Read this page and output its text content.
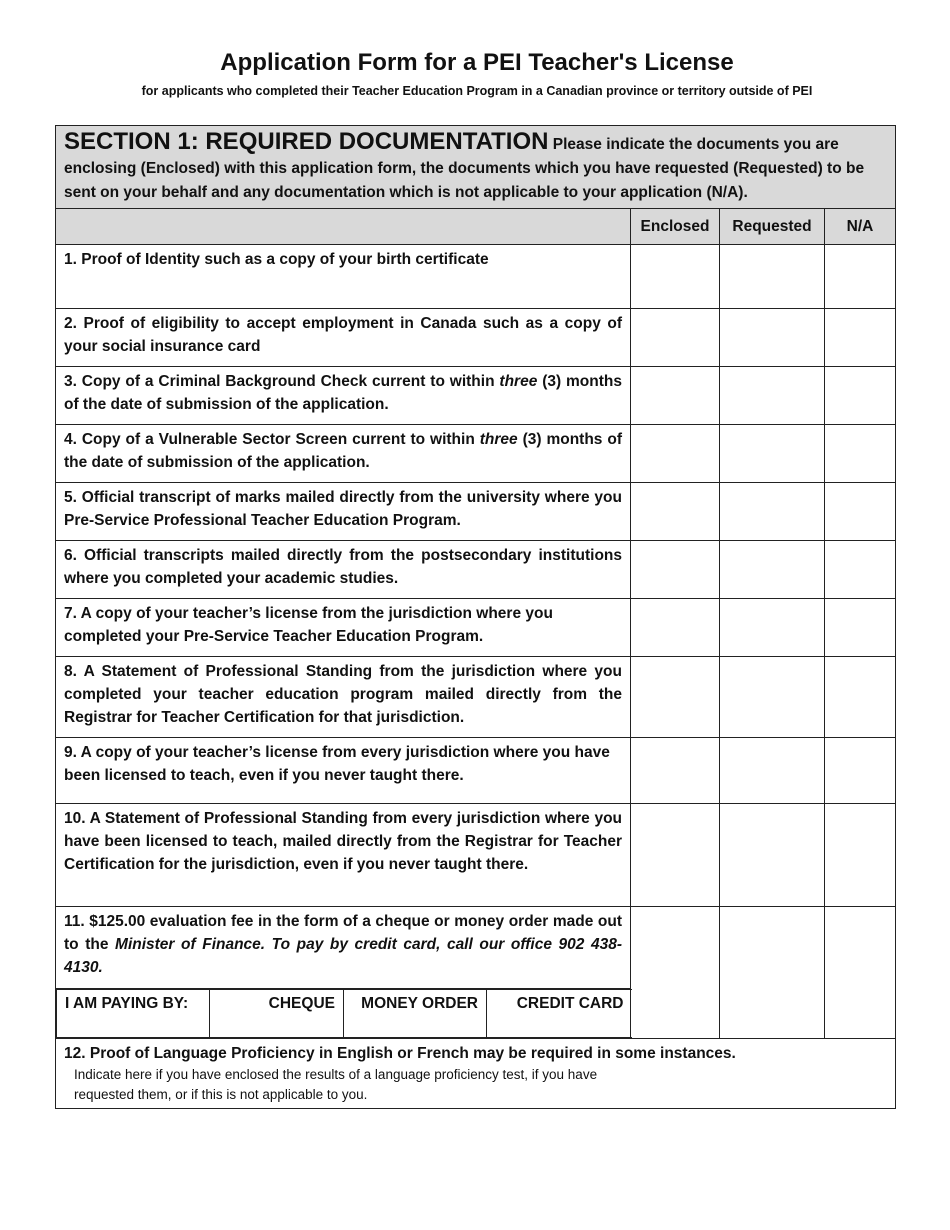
Application Form for a PEI Teacher's License
for applicants who completed their Teacher Education Program in a Canadian province or territory outside of PEI
SECTION 1: REQUIRED DOCUMENTATION Please indicate the documents you are enclosing (Enclosed) with this application form, the documents which you have requested (Requested) to be sent on your behalf and any documentation which is not applicable to your application (N/A).
	Enclosed	Requested	N/A
1. Proof of Identity such as a copy of your birth certificate			
2. Proof of eligibility to accept employment in Canada such as a copy of your social insurance card			
3. Copy of a Criminal Background Check current to within three (3) months of the date of submission of the application.			
4. Copy of a Vulnerable Sector Screen current to within three (3) months of the date of submission of the application.			
5. Official transcript of marks mailed directly from the university where you Pre-Service Professional Teacher Education Program.			
6. Official transcripts mailed directly from the postsecondary institutions where you completed your academic studies.			
7. A copy of your teacher’s license from the jurisdiction where you completed your Pre-Service Teacher Education Program.			
8. A Statement of Professional Standing from the jurisdiction where you completed your teacher education program mailed directly from the Registrar for Teacher Certification for that jurisdiction.			
9. A copy of your teacher’s license from every jurisdiction where you have been licensed to teach, even if you never taught there.			
10. A Statement of Professional Standing from every jurisdiction where you have been licensed to teach, mailed directly from the Registrar for Teacher Certification for the jurisdiction, even if you never taught there.			
11. $125.00 evaluation fee in the form of a cheque or money order made out to the Minister of Finance. To pay by credit card, call our office 902 438-4130.			

I AM PAYING BY:	CHEQUE	MONEY ORDER	CREDIT CARD

12. Proof of Language Proficiency in English or French may be required in some instances.
Indicate here if you have enclosed the results of a language proficiency test, if you have requested them, or if this is not applicable to you.
